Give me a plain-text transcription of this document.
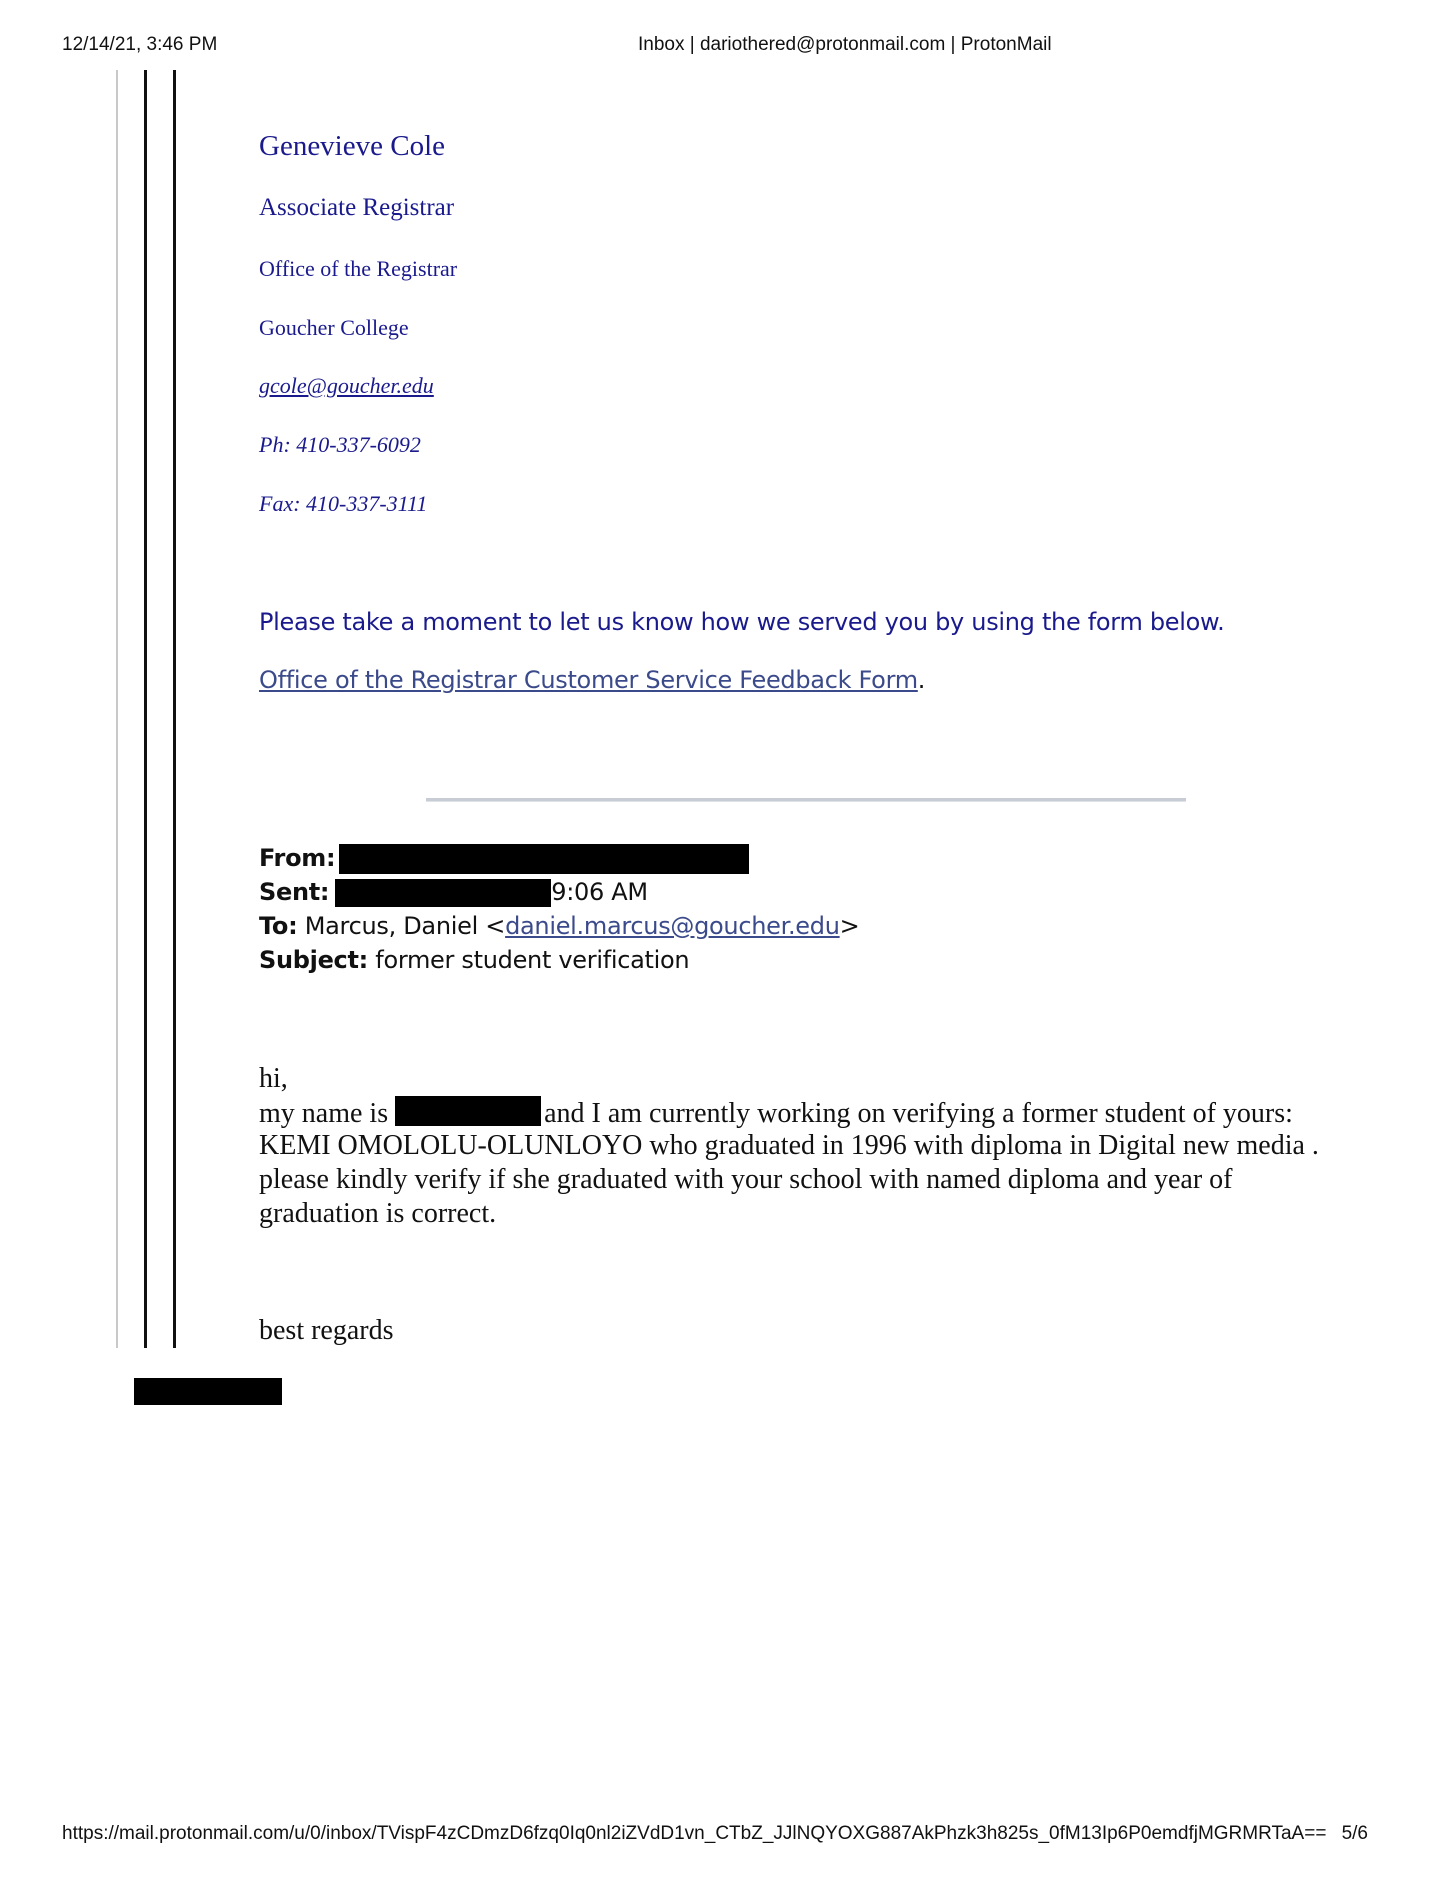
12/14/21, 3:46 PM	Inbox | dariothered@protonmail.com | ProtonMail
Genevieve Cole
Associate Registrar
Office of the Registrar
Goucher College
gcole@goucher.edu
Ph: 410-337-6092
Fax: 410-337-3111
Please take a moment to let us know how we served you by using the form below.
Office of the Registrar Customer Service Feedback Form.
From:
Sent:	9:06 AM
To: Marcus, Daniel <daniel.marcus@goucher.edu>
Subject: former student verification
hi,
my name is	and I am currently working on verifying a former student of yours:
KEMI OMOLOLU-OLUNLOYO who graduated in 1996 with diploma in Digital new media .
please kindly verify if she graduated with your school with named diploma and year of
graduation is correct.
best regards
https://mail.protonmail.com/u/0/inbox/TVispF4zCDmzD6fzq0Iq0nl2iZVdD1vn_CTbZ_JJlNQYOXG887AkPhzk3h825s_0fM13Ip6P0emdfjMGRMRTaA== 5/6
